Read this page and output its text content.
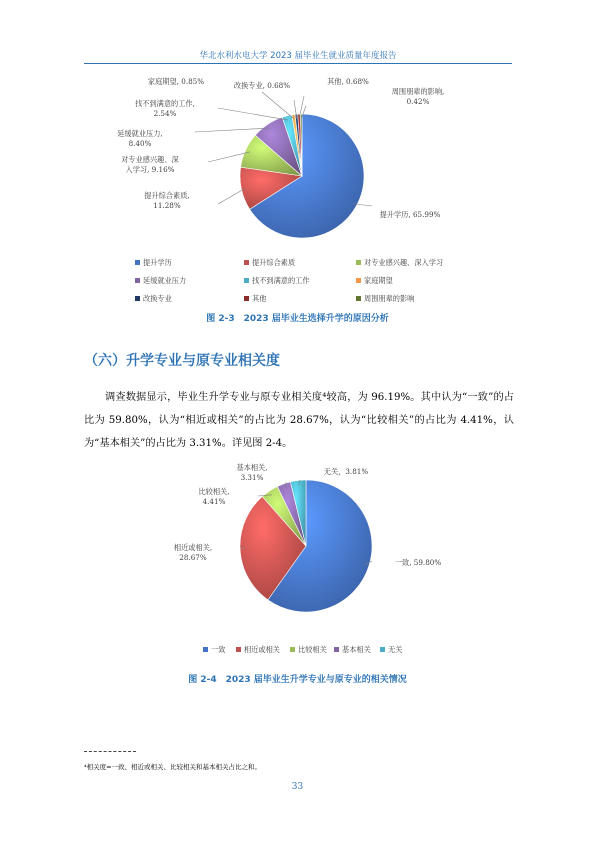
华北水利水电大学 2023 届毕业生就业质量年度报告
提升学历, 65.99%
提升综合素质, 11.28%
对专业感兴趣、深入学习, 9.16%
延缓就业压力, 8.40%
找不到满意的工作, 2.54%
家庭期望, 0.85%	改换专业, 0.68%	其他, 0.68%
周围朋辈的影响, 0.42%
提升学历	提升综合素质	对专业感兴趣、深入学习
延缓就业压力	找不到满意的工作	家庭期望
改换专业	其他	周围朋辈的影响
图 2-3　2023 届毕业生选择升学的原因分析
（六）升学专业与原专业相关度
调查数据显示，毕业生升学专业与原专业相关度⁴较高，为 96.19%。其中认为“一致”的占比为 59.80%，认为“相近或相关”的占比为 28.67%，认为“比较相关”的占比为 4.41%，认为“基本相关”的占比为 3.31%。详见图 2-4。
一致, 59.80%
相近或相关, 28.67%
比较相关, 4.41%
基本相关, 3.31%
无关，3.81%
一致	相近或相关	比较相关 基本相关 无关
图 2-4　2023 届毕业生升学专业与原专业的相关情况
⁴相关度=一致、相近或相关、比较相关和基本相关占比之和。
33
